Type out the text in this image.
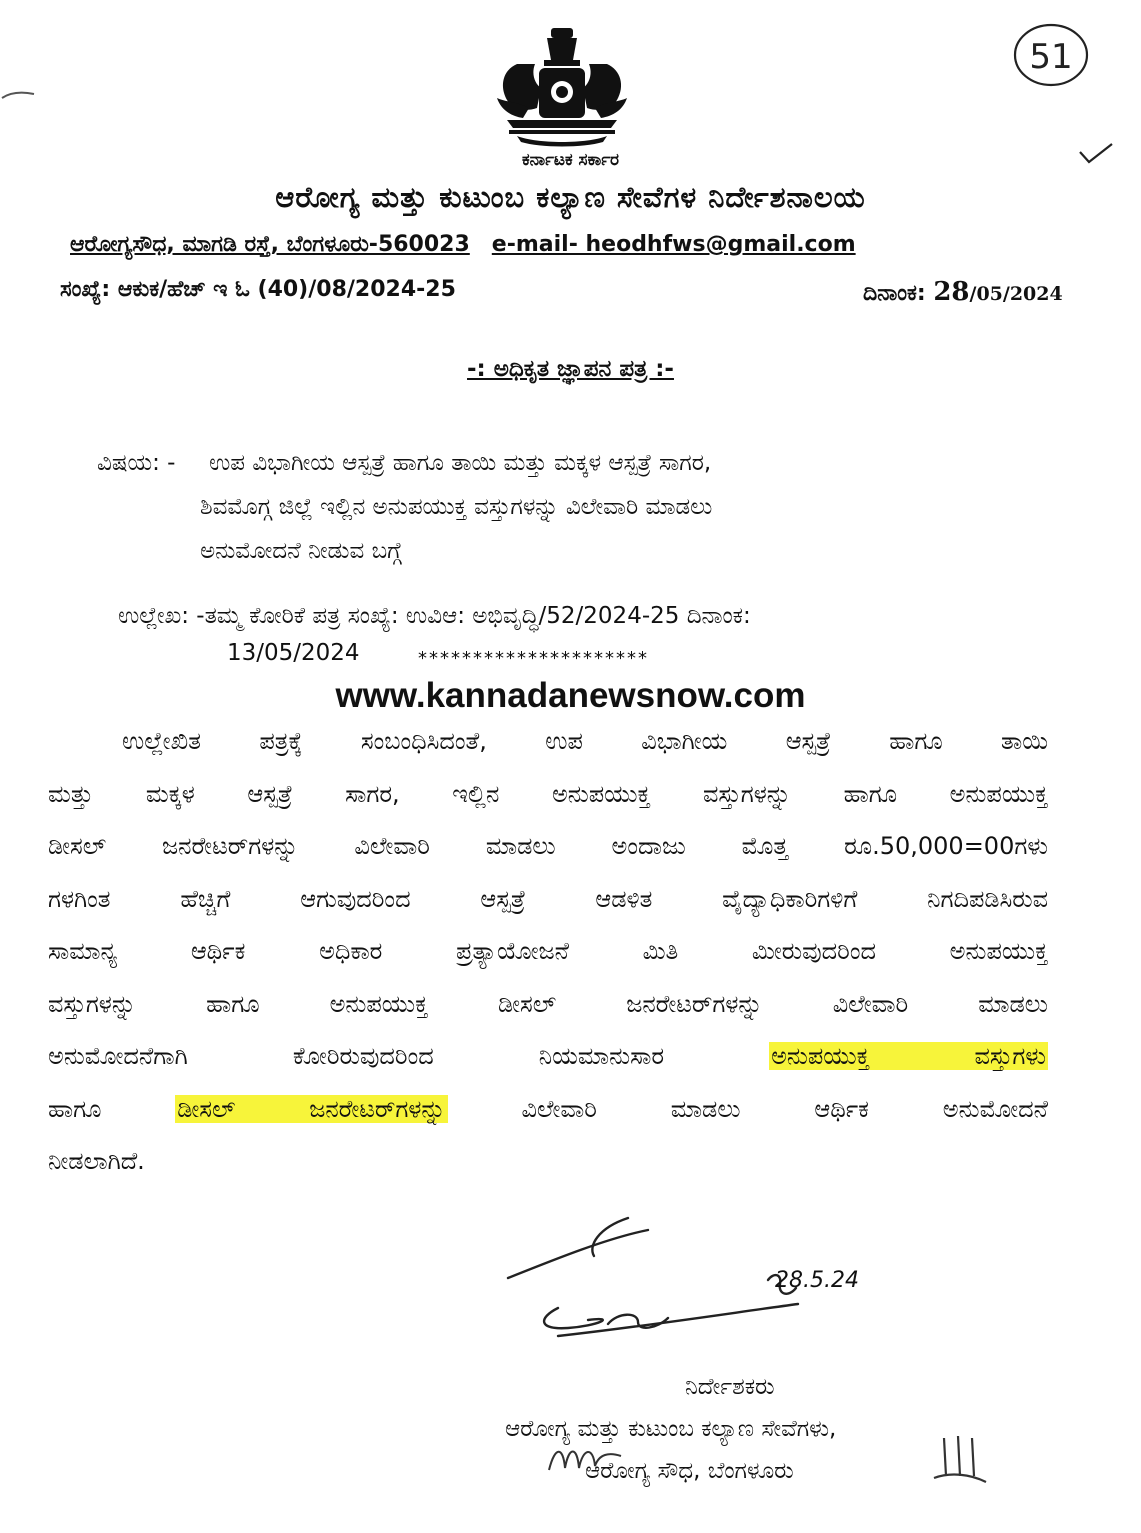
51
ಕರ್ನಾಟಕ ಸರ್ಕಾರ
ಆರೋಗ್ಯ ಮತ್ತು ಕುಟುಂಬ ಕಲ್ಯಾಣ ಸೇವೆಗಳ ನಿರ್ದೇಶನಾಲಯ
ಆರೋಗ್ಯಸೌಧ, ಮಾಗಡಿ ರಸ್ತೆ, ಬೆಂಗಳೂರು-560023 e-mail- heodhfws@gmail.com
ಸಂಖ್ಯೆ: ಆಕುಕ/ಹೆಚ್ ಇ ಓ (40)/08/2024-25	ದಿನಾಂಕ: 28/05/2024
-: ಅಧಿಕೃತ ಜ್ಞಾಪನ ಪತ್ರ :-
ವಿಷಯ: - ಉಪ ವಿಭಾಗೀಯ ಆಸ್ಪತ್ರೆ ಹಾಗೂ ತಾಯಿ ಮತ್ತು ಮಕ್ಕಳ ಆಸ್ಪತ್ರೆ ಸಾಗರ,
ಶಿವಮೊಗ್ಗ ಜಿಲ್ಲೆ ಇಲ್ಲಿನ ಅನುಪಯುಕ್ತ ವಸ್ತುಗಳನ್ನು ವಿಲೇವಾರಿ ಮಾಡಲು
ಅನುಮೋದನೆ ನೀಡುವ ಬಗ್ಗೆ
ಉಲ್ಲೇಖ: -ತಮ್ಮ ಕೋರಿಕೆ ಪತ್ರ ಸಂಖ್ಯೆ: ಉವಿಆ: ಅಭಿವೃದ್ಧಿ/52/2024-25 ದಿನಾಂಕ:
13/05/2024	*********************
www.kannadanewsnow.com
ಉಲ್ಲೇಖಿತ ಪತ್ರಕ್ಕೆ ಸಂಬಂಧಿಸಿದಂತೆ, ಉಪ ವಿಭಾಗೀಯ ಆಸ್ಪತ್ರೆ ಹಾಗೂ ತಾಯಿ
ಮತ್ತು ಮಕ್ಕಳ ಆಸ್ಪತ್ರೆ ಸಾಗರ, ಇಲ್ಲಿನ ಅನುಪಯುಕ್ತ ವಸ್ತುಗಳನ್ನು ಹಾಗೂ ಅನುಪಯುಕ್ತ
ಡೀಸಲ್ ಜನರೇಟರ್‌ಗಳನ್ನು ವಿಲೇವಾರಿ ಮಾಡಲು ಅಂದಾಜು ಮೊತ್ತ ರೂ.50,000=00ಗಳು
ಗಳಗಿಂತ ಹೆಚ್ಚಿಗೆ ಆಗುವುದರಿಂದ ಆಸ್ಪತ್ರೆ ಆಡಳಿತ ವೈದ್ಯಾಧಿಕಾರಿಗಳಿಗೆ ನಿಗದಿಪಡಿಸಿರುವ
ಸಾಮಾನ್ಯ ಆರ್ಥಿಕ ಅಧಿಕಾರ ಪ್ರತ್ಯಾಯೋಜನೆ ಮಿತಿ ಮೀರುವುದರಿಂದ ಅನುಪಯುಕ್ತ
ವಸ್ತುಗಳನ್ನು ಹಾಗೂ ಅನುಪಯುಕ್ತ ಡೀಸಲ್ ಜನರೇಟರ್‌ಗಳನ್ನು ವಿಲೇವಾರಿ ಮಾಡಲು
ಅನುಮೋದನೆಗಾಗಿ ಕೋರಿರುವುದರಿಂದ ನಿಯಮಾನುಸಾರ	ಅನುಪಯುಕ್ತ ವಸ್ತುಗಳು
ಹಾಗೂ	ಡೀಸಲ್ ಜನರೇಟರ್‌ಗಳನ್ನು	ವಿಲೇವಾರಿ ಮಾಡಲು ಆರ್ಥಿಕ ಅನುಮೋದನೆ
ನೀಡಲಾಗಿದೆ.
28.5.24
ನಿರ್ದೇಶಕರು
ಆರೋಗ್ಯ ಮತ್ತು ಕುಟುಂಬ ಕಲ್ಯಾಣ ಸೇವೆಗಳು,
ಆರೋಗ್ಯ ಸೌಧ, ಬೆಂಗಳೂರು
